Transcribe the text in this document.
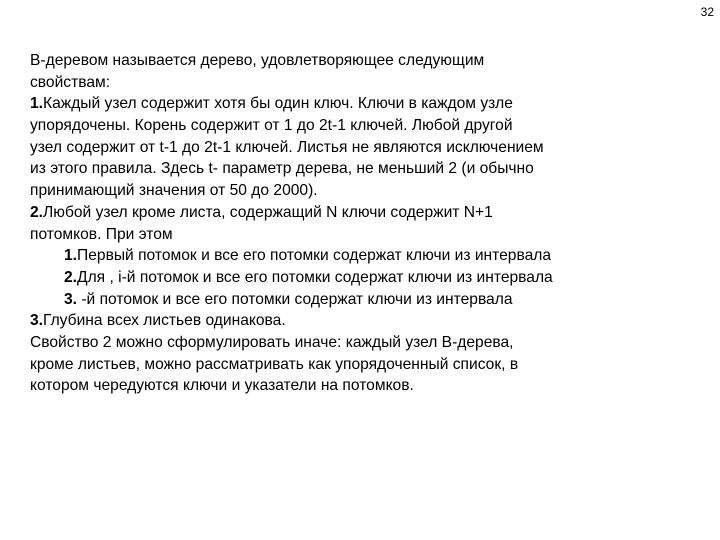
32
В-деревом называется дерево, удовлетворяющее следующим
свойствам:
1.Каждый узел содержит хотя бы один ключ. Ключи в каждом узле
упорядочены. Корень содержит от 1 до 2t-1 ключей. Любой другой
узел содержит от t-1 до 2t-1 ключей. Листья не являются исключением
из этого правила. Здесь t- параметр дерева, не меньший 2 (и обычно
принимающий значения от 50 до 2000).
2.Любой узел кроме листа, содержащий N ключи содержит N+1
потомков. При этом
1.Первый потомок и все его потомки содержат ключи из интервала
2.Для , i-й потомок и все его потомки содержат ключи из интервала
3. -й потомок и все его потомки содержат ключи из интервала
3.Глубина всех листьев одинакова.
Свойство 2 можно сформулировать иначе: каждый узел В-дерева,
кроме листьев, можно рассматривать как упорядоченный список, в
котором чередуются ключи и указатели на потомков.
